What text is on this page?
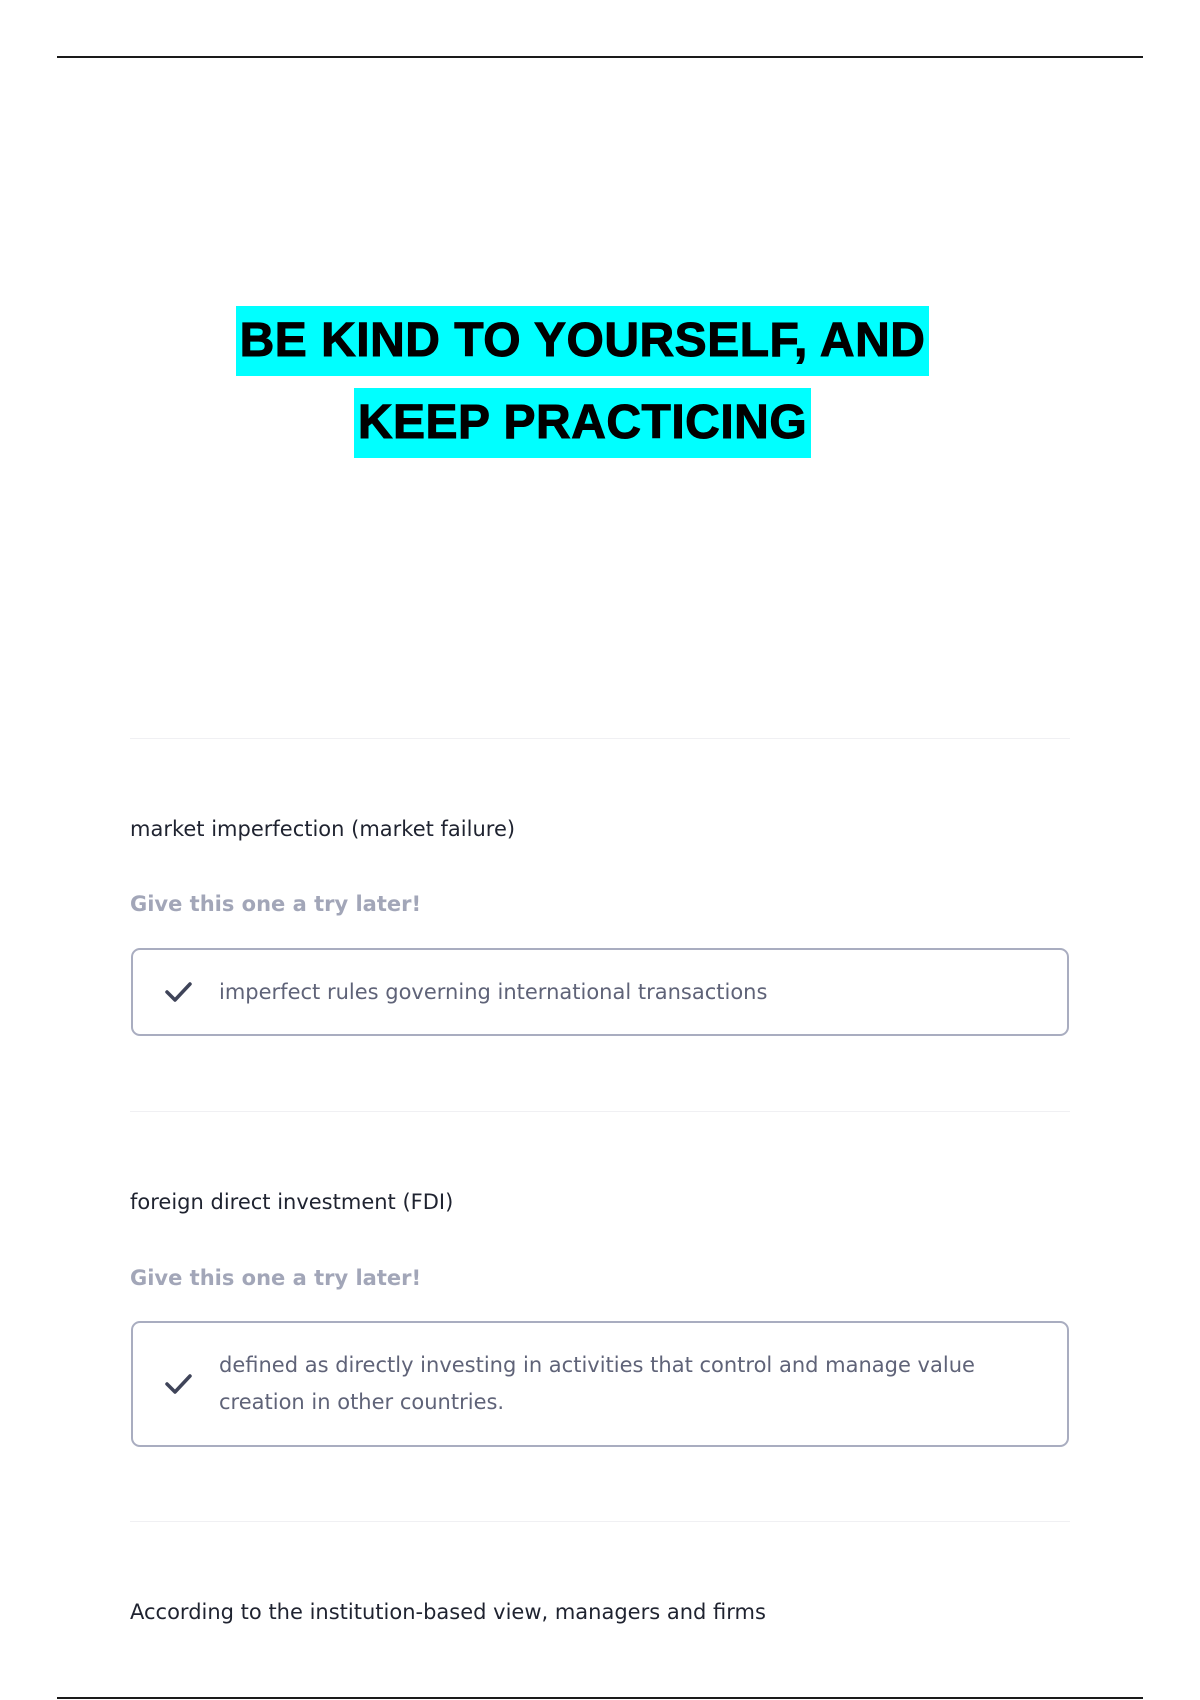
BE KIND TO YOURSELF, AND
KEEP PRACTICING
market imperfection (market failure)
Give this one a try later!
imperfect rules governing international transactions
foreign direct investment (FDI)
Give this one a try later!
defined as directly investing in activities that control and manage value creation in other countries.
According to the institution-based view, managers and firms
